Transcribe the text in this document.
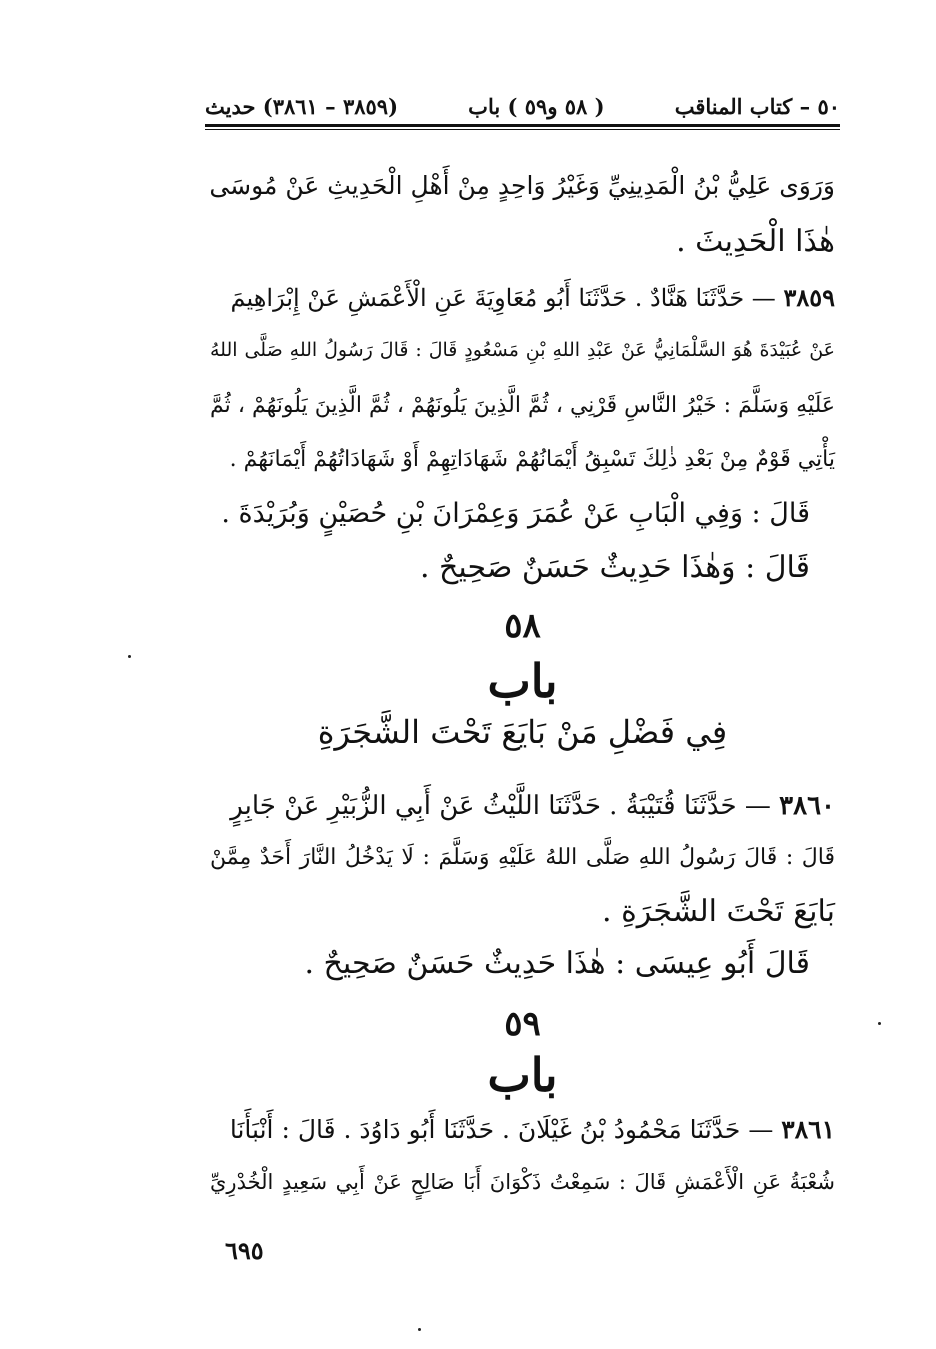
٥٠ – كتاب المناقب
( ٥٨ و٥٩ ) باب
(٣٨٥٩ – ٣٨٦١) حديث
وَرَوَى عَلِيُّ بْنُ الْمَدِينِيِّ وَغَيْرُ وَاحِدٍ مِنْ أَهْلِ الْحَدِيثِ عَنْ مُوسَى
هٰذَا الْحَدِيثَ .
٣٨٥٩ — حَدَّثَنَا هَنَّادٌ . حَدَّثَنَا أَبُو مُعَاوِيَةَ عَنِ الْأَعْمَشِ عَنْ إِبْرَاهِيمَ
عَنْ عُبَيْدَةَ هُوَ السَّلْمَانِيُّ عَنْ عَبْدِ اللهِ بْنِ مَسْعُودٍ قَالَ : قَالَ رَسُولُ اللهِ صَلَّى اللهُ
عَلَيْهِ وَسَلَّمَ : خَيْرُ النَّاسِ قَرْنِي ، ثُمَّ الَّذِينَ يَلُونَهُمْ ، ثُمَّ الَّذِينَ يَلُونَهُمْ ، ثُمَّ
يَأْتِي قَوْمٌ مِنْ بَعْدِ ذٰلِكَ تَسْبِقُ أَيْمَانُهُمْ شَهَادَاتِهِمْ أَوْ شَهَادَاتُهُمْ أَيْمَانَهُمْ .
قَالَ : وَفِي الْبَابِ عَنْ عُمَرَ وَعِمْرَانَ بْنِ حُصَيْنٍ وَبُرَيْدَةَ .
قَالَ : وَهٰذَا حَدِيثٌ حَسَنٌ صَحِيحٌ .
٥٨
باب
فِي فَضْلِ مَنْ بَايَعَ تَحْتَ الشَّجَرَةِ
٣٨٦٠ — حَدَّثَنَا قُتَيْبَةُ . حَدَّثَنَا اللَّيْثُ عَنْ أَبِي الزُّبَيْرِ عَنْ جَابِرٍ
قَالَ : قَالَ رَسُولُ اللهِ صَلَّى اللهُ عَلَيْهِ وَسَلَّمَ : لَا يَدْخُلُ النَّارَ أَحَدٌ مِمَّنْ
بَايَعَ تَحْتَ الشَّجَرَةِ .
قَالَ أَبُو عِيسَى : هٰذَا حَدِيثٌ حَسَنٌ صَحِيحٌ .
٥٩
باب
٣٨٦١ — حَدَّثَنَا مَحْمُودُ بْنُ غَيْلَانَ . حَدَّثَنَا أَبُو دَاوُدَ . قَالَ : أَنْبَأَنَا
شُعْبَةُ عَنِ الْأَعْمَشِ قَالَ : سَمِعْتُ ذَكْوَانَ أَبَا صَالِحٍ عَنْ أَبِي سَعِيدٍ الْخُدْرِيِّ
٦٩٥
